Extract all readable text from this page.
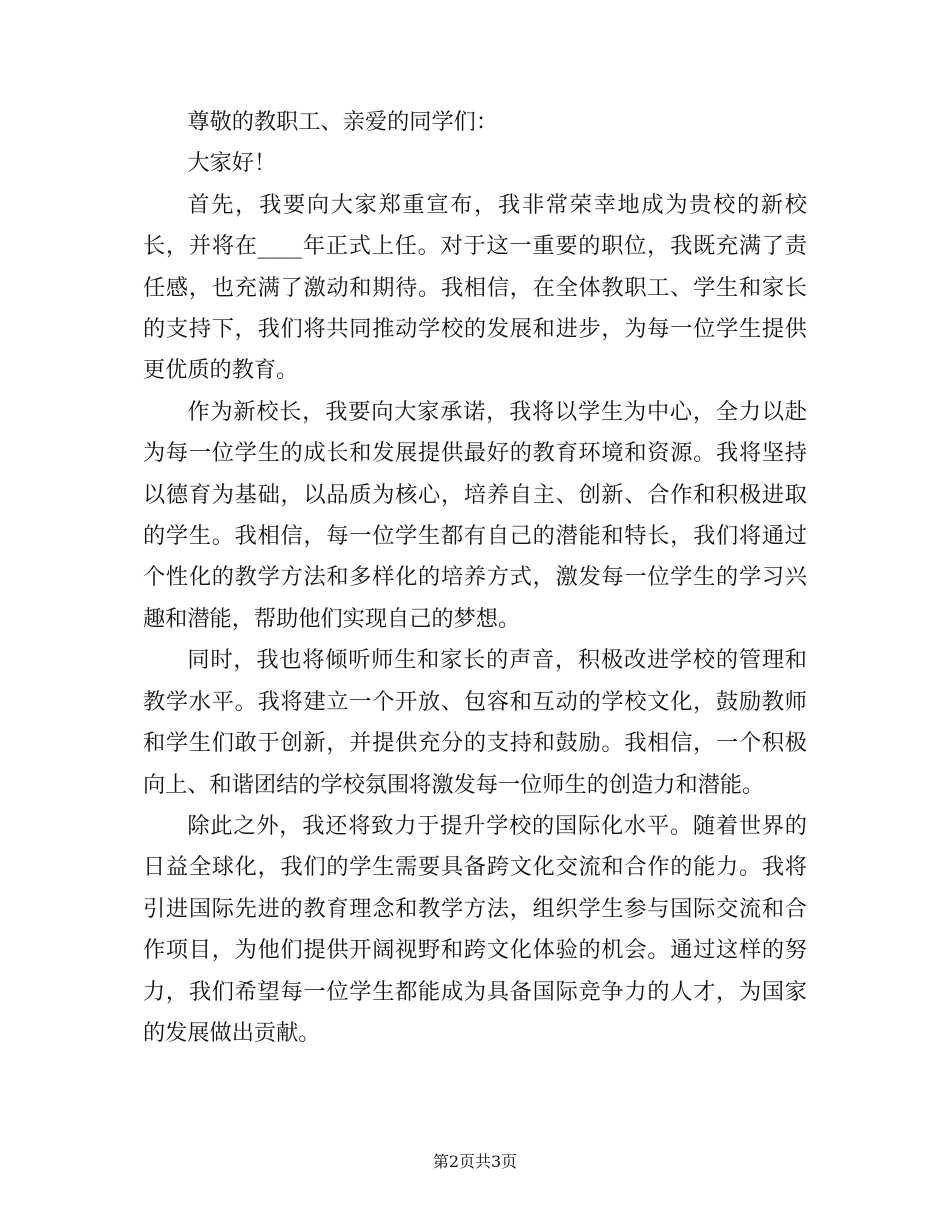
尊敬的教职工、亲爱的同学们：

大家好！

首先，我要向大家郑重宣布，我非常荣幸地成为贵校的新校长，并将在____年正式上任。对于这一重要的职位，我既充满了责任感，也充满了激动和期待。我相信，在全体教职工、学生和家长的支持下，我们将共同推动学校的发展和进步，为每一位学生提供更优质的教育。

作为新校长，我要向大家承诺，我将以学生为中心，全力以赴为每一位学生的成长和发展提供最好的教育环境和资源。我将坚持以德育为基础，以品质为核心，培养自主、创新、合作和积极进取的学生。我相信，每一位学生都有自己的潜能和特长，我们将通过个性化的教学方法和多样化的培养方式，激发每一位学生的学习兴趣和潜能，帮助他们实现自己的梦想。

同时，我也将倾听师生和家长的声音，积极改进学校的管理和教学水平。我将建立一个开放、包容和互动的学校文化，鼓励教师和学生们敢于创新，并提供充分的支持和鼓励。我相信，一个积极向上、和谐团结的学校氛围将激发每一位师生的创造力和潜能。

除此之外，我还将致力于提升学校的国际化水平。随着世界的日益全球化，我们的学生需要具备跨文化交流和合作的能力。我将引进国际先进的教育理念和教学方法，组织学生参与国际交流和合作项目，为他们提供开阔视野和跨文化体验的机会。通过这样的努力，我们希望每一位学生都能成为具备国际竞争力的人才，为国家的发展做出贡献。

第2页共3页
